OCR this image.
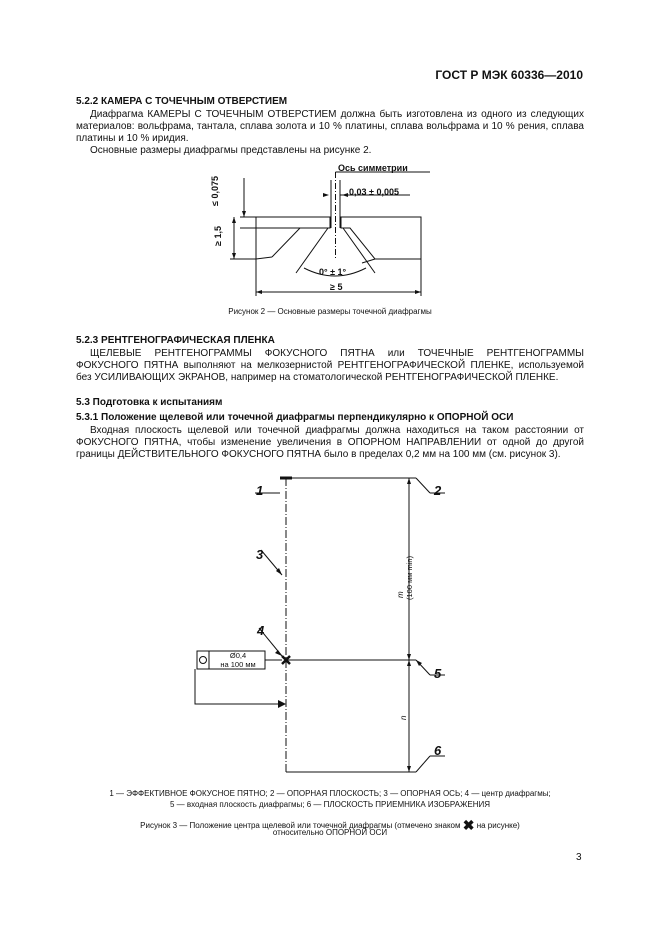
ГОСТ Р МЭК 60336—2010
5.2.2 КАМЕРА С ТОЧЕЧНЫМ ОТВЕРСТИЕМ
Диафрагма КАМЕРЫ С ТОЧЕЧНЫМ ОТВЕРСТИЕМ должна быть изготовлена из одного из следующих материалов: вольфрама, тантала, сплава золота и 10 % платины, сплава вольфрама и 10 % рения, сплава платины и 10 % иридия.
Основные размеры диафрагмы представлены на рисунке 2.
Ось симметрии
0,03 ± 0,005
≤ 0,075
≥ 1,5
0° ± 1°
≥ 5
Рисунок 2 — Основные размеры точечной диафрагмы
5.2.3 РЕНТГЕНОГРАФИЧЕСКАЯ ПЛЕНКА
ЩЕЛЕВЫЕ РЕНТГЕНОГРАММЫ ФОКУСНОГО ПЯТНА или ТОЧЕЧНЫЕ РЕНТГЕНОГРАММЫ ФОКУСНОГО ПЯТНА выполняют на мелкозернистой РЕНТГЕНОГРАФИЧЕСКОЙ ПЛЕНКЕ, используемой без УСИЛИВАЮЩИХ ЭКРАНОВ, например на стоматологической РЕНТГЕНОГРАФИЧЕСКОЙ ПЛЕНКЕ.
5.3 Подготовка к испытаниям
5.3.1 Положение щелевой или точечной диафрагмы перпендикулярно к ОПОРНОЙ ОСИ
Входная плоскость щелевой или точечной диафрагмы должна находиться на таком расстоянии от ФОКУСНОГО ПЯТНА, чтобы изменение увеличения в ОПОРНОМ НАПРАВЛЕНИИ от одной до другой границы ДЕЙСТВИТЕЛЬНОГО ФОКУСНОГО ПЯТНА было в пределах 0,2 мм на 100 мм (см. рисунок 3).
1	2
3
4
5
6
Ø0,4
на 100 мм
m (100 мм min)
n
1 — ЭФФЕКТИВНОЕ ФОКУСНОЕ ПЯТНО; 2 — ОПОРНАЯ ПЛОСКОСТЬ; 3 — ОПОРНАЯ ОСЬ; 4 — центр диафрагмы;
5 — входная плоскость диафрагмы; 6 — ПЛОСКОСТЬ ПРИЕМНИКА ИЗОБРАЖЕНИЯ
Рисунок 3 — Положение центра щелевой или точечной диафрагмы (отмечено знаком ✖ на рисунке)
относительно ОПОРНОЙ ОСИ
3
